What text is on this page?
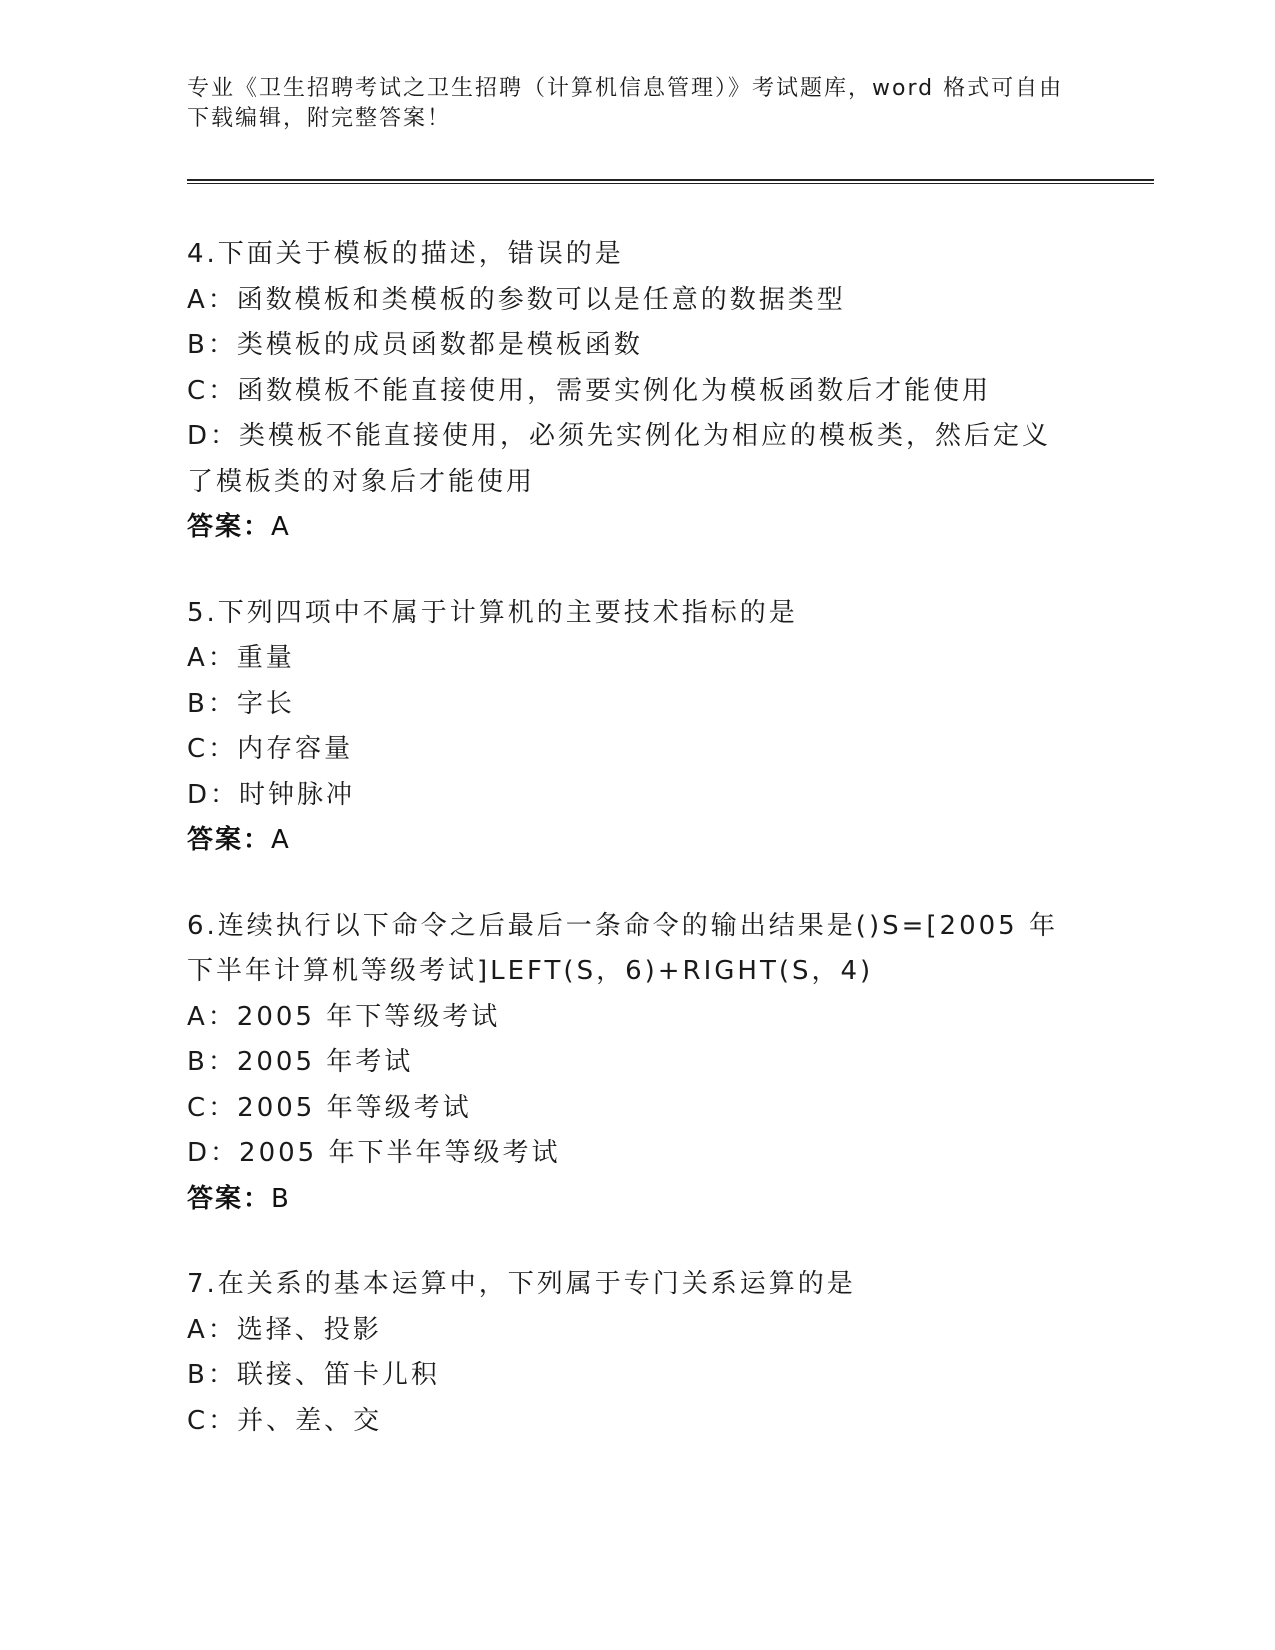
专业《卫生招聘考试之卫生招聘（计算机信息管理）》考试题库，word 格式可自由下载编辑，附完整答案！
4.下面关于模板的描述，错误的是
A：函数模板和类模板的参数可以是任意的数据类型
B：类模板的成员函数都是模板函数
C：函数模板不能直接使用，需要实例化为模板函数后才能使用
D：类模板不能直接使用，必须先实例化为相应的模板类，然后定义了模板类的对象后才能使用
答案：A
5.下列四项中不属于计算机的主要技术指标的是
A：重量
B：字长
C：内存容量
D：时钟脉冲
答案：A
6.连续执行以下命令之后最后一条命令的输出结果是()S=[2005 年下半年计算机等级考试]LEFT(S，6)+RIGHT(S，4)
A：2005 年下等级考试
B：2005 年考试
C：2005 年等级考试
D：2005 年下半年等级考试
答案：B
7.在关系的基本运算中，下列属于专门关系运算的是
A：选择、投影
B：联接、笛卡儿积
C：并、差、交
